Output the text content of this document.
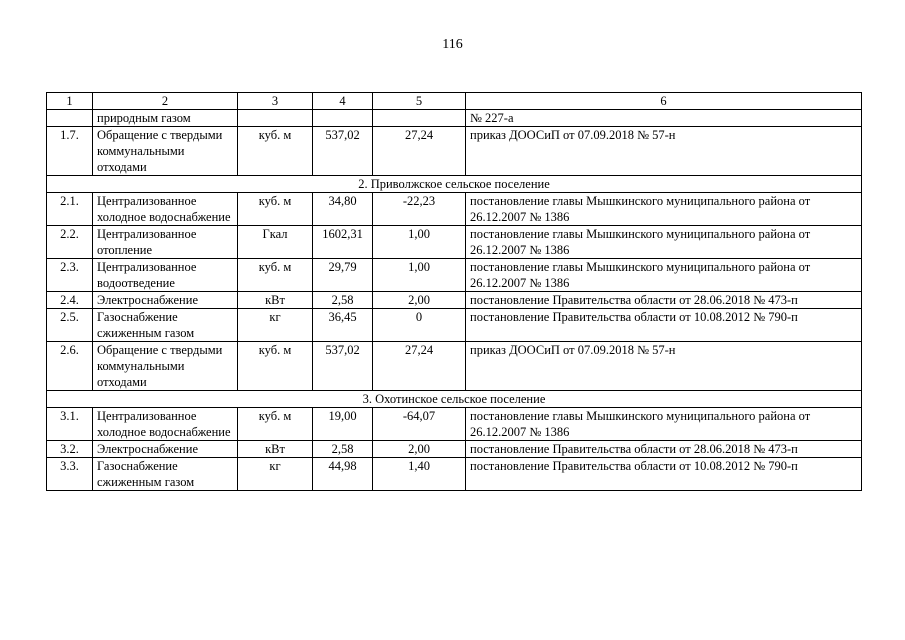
116
1	2	3	4	5	6
	природным газом				№ 227-а
1.7.	Обращение с твердыми коммунальными отходами	куб. м	537,02	27,24	приказ ДООСиП от 07.09.2018 № 57-н
2. Приволжское сельское поселение					
2.1.	Централизованное холодное водоснабжение	куб. м	34,80	-22,23	постановление главы Мышкинского муниципального района от 26.12.2007 № 1386
2.2.	Централизованное отопление	Гкал	1602,31	1,00	постановление главы Мышкинского муниципального района от 26.12.2007 № 1386
2.3.	Централизованное водоотведение	куб. м	29,79	1,00	постановление главы Мышкинского муниципального района от 26.12.2007 № 1386
2.4.	Электроснабжение	кВт	2,58	2,00	постановление Правительства области от 28.06.2018 № 473-п
2.5.	Газоснабжение сжиженным газом	кг	36,45	0	постановление Правительства области от 10.08.2012 № 790-п
2.6.	Обращение с твердыми коммунальными отходами	куб. м	537,02	27,24	приказ ДООСиП от 07.09.2018 № 57-н
3. Охотинское сельское поселение					
3.1.	Централизованное холодное водоснабжение	куб. м	19,00	-64,07	постановление главы Мышкинского муниципального района от 26.12.2007 № 1386
3.2.	Электроснабжение	кВт	2,58	2,00	постановление Правительства области от 28.06.2018 № 473-п
3.3.	Газоснабжение сжиженным газом	кг	44,98	1,40	постановление Правительства области от 10.08.2012 № 790-п
